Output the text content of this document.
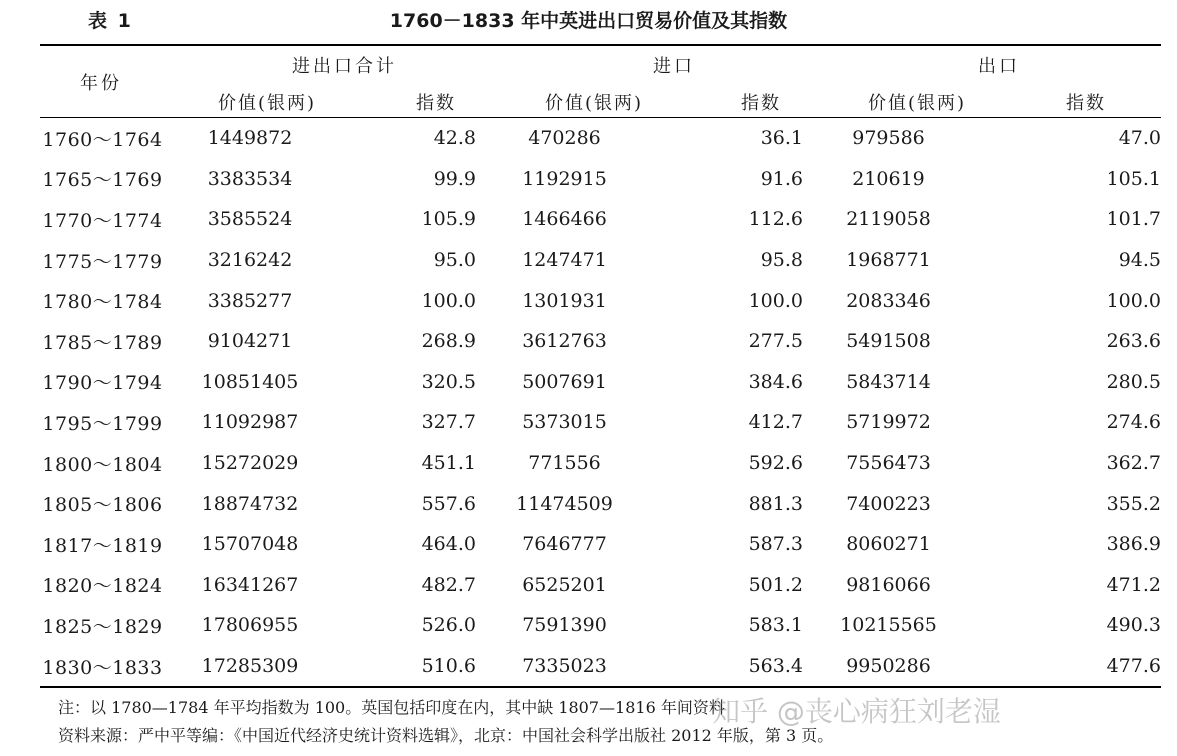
表 1	1760－1833 年中英进出口贸易价值及其指数
年份
进出口合计	进口	出口
价值(银两)	指数	价值(银两)	指数	价值(银两)	指数
1760～1764	1449872	42.8	470286	36.1	979586	47.0
1765～1769	3383534	99.9	1192915	91.6	210619	105.1
1770～1774	3585524	105.9	1466466	112.6	2119058	101.7
1775～1779	3216242	95.0	1247471	95.8	1968771	94.5
1780～1784	3385277	100.0	1301931	100.0	2083346	100.0
1785～1789	9104271	268.9	3612763	277.5	5491508	263.6
1790～1794	10851405	320.5	5007691	384.6	5843714	280.5
1795～1799	11092987	327.7	5373015	412.7	5719972	274.6
1800～1804	15272029	451.1	771556	592.6	7556473	362.7
1805～1806	18874732	557.6	11474509	881.3	7400223	355.2
1817～1819	15707048	464.0	7646777	587.3	8060271	386.9
1820～1824	16341267	482.7	6525201	501.2	9816066	471.2
1825～1829	17806955	526.0	7591390	583.1	10215565	490.3
1830～1833	17285309	510.6	7335023	563.4	9950286	477.6
注：以 1780—1784 年平均指数为 100。英国包括印度在内，其中缺 1807—1816 年间资料
资料来源：严中平等编：《中国近代经济史统计资料选辑》，北京：中国社会科学出版社 2012 年版，第 3 页。
知乎 @丧心病狂刘老湿
